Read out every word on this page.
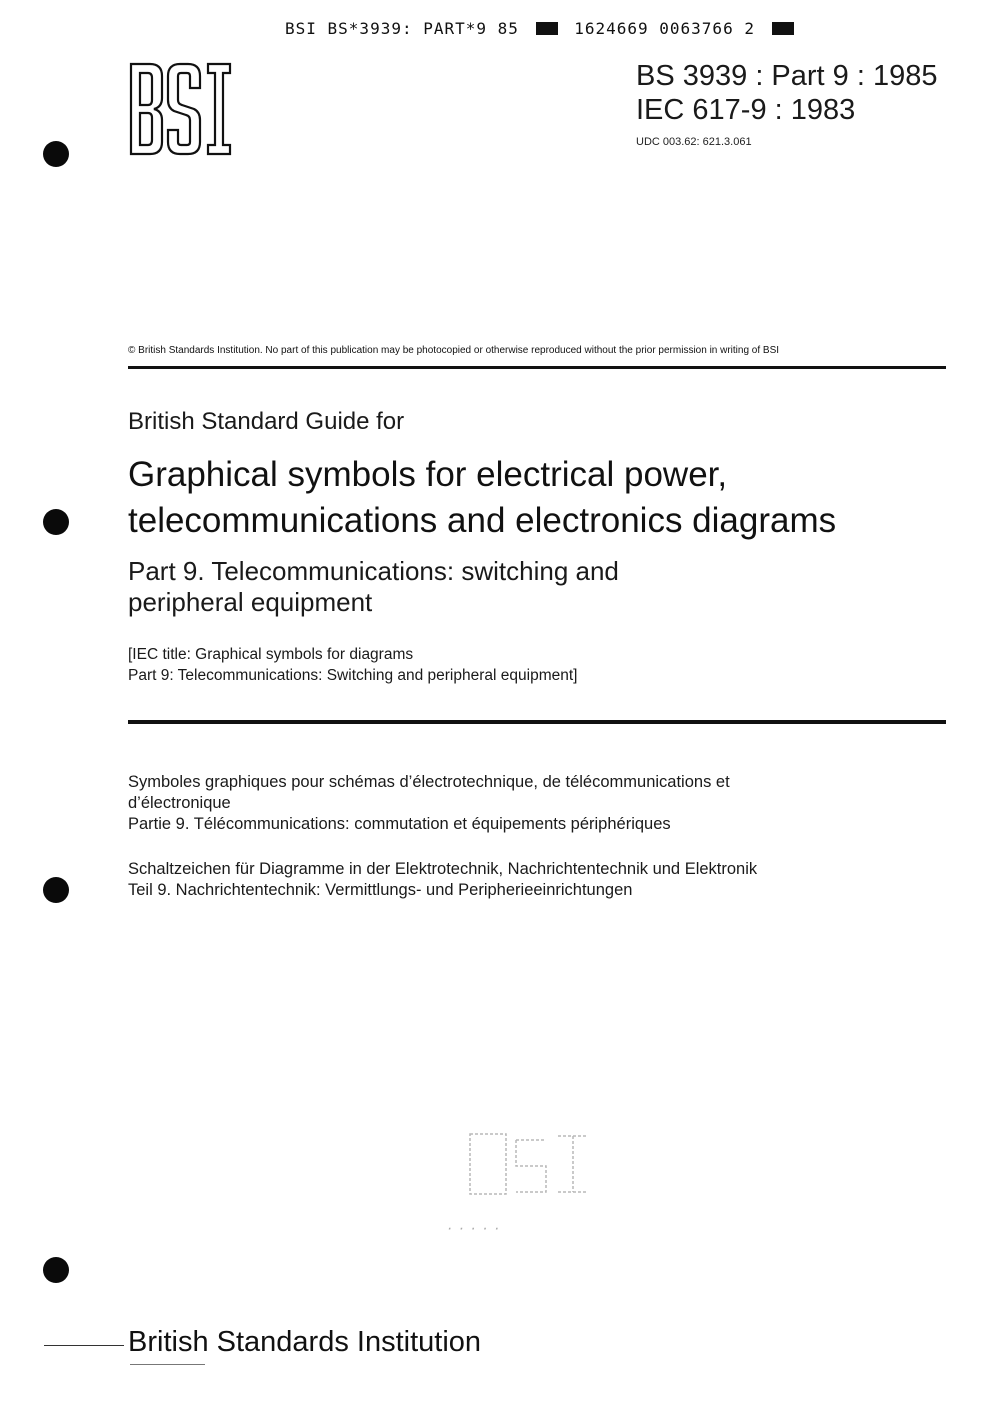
BSI BS*3939: PART*9 85	1624669 0063766 2
BS 3939 : Part 9 : 1985
IEC 617-9 : 1983
UDC 003.62: 621.3.061
© British Standards Institution. No part of this publication may be photocopied or otherwise reproduced without the prior permission in writing of BSI
British Standard Guide for
Graphical symbols for electrical power,
telecommunications and electronics diagrams
Part 9. Telecommunications: switching and
peripheral equipment
[IEC title: Graphical symbols for diagrams
Part 9: Telecommunications: Switching and peripheral equipment]
Symboles graphiques pour schémas d’électrotechnique, de télécommunications et
d’électronique
Partie 9. Télécommunications: commutation et équipements périphériques
Schaltzeichen für Diagramme in der Elektrotechnik, Nachrichtentechnik und Elektronik
Teil 9. Nachrichtentechnik: Vermittlungs- und Peripherieeinrichtungen
· · · · ·
British Standards Institution
